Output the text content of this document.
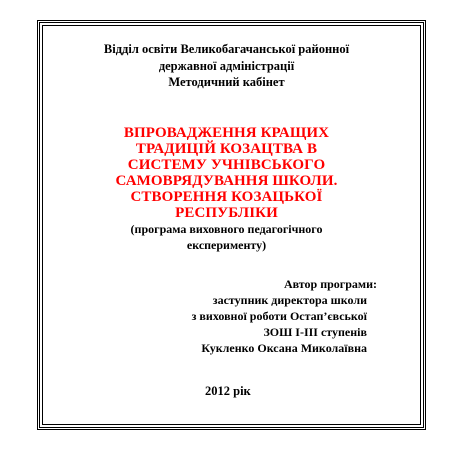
Відділ освіти Великобагачанської районної
державної адміністрації
Методичний кабінет
ВПРОВАДЖЕННЯ КРАЩИХ
ТРАДИЦІЙ КОЗАЦТВА В
СИСТЕМУ УЧНІВСЬКОГО
САМОВРЯДУВАННЯ ШКОЛИ.
СТВОРЕННЯ КОЗАЦЬКОЇ
РЕСПУБЛІКИ
(програма виховного педагогічного
експерименту)
Автор програми:
заступник директора школи
з виховної роботи Остап’євської
ЗОШ І-ІІІ ступенів
Кукленко Оксана Миколаївна
2012 рік
